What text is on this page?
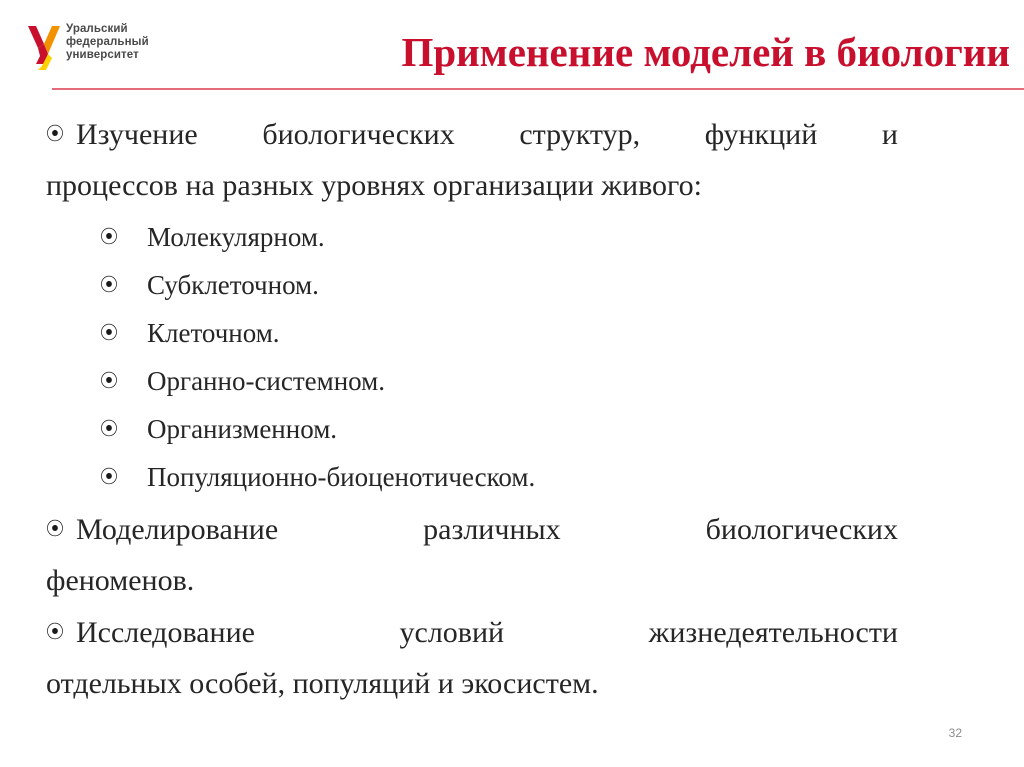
Уральский
федеральный
университет	Применение моделей в биологии

⦿ Изучение биологических структур, функций и

процессов на разных уровнях организации живого:

⦿ Молекулярном.
⦿ Субклеточном.
⦿ Клеточном.
⦿ Органно-системном.
⦿ Организменном.
⦿ Популяционно-биоценотическом.

⦿ Моделирование различных биологических

феноменов.

⦿ Исследование условий жизнедеятельности

отдельных особей, популяций и экосистем.

32
